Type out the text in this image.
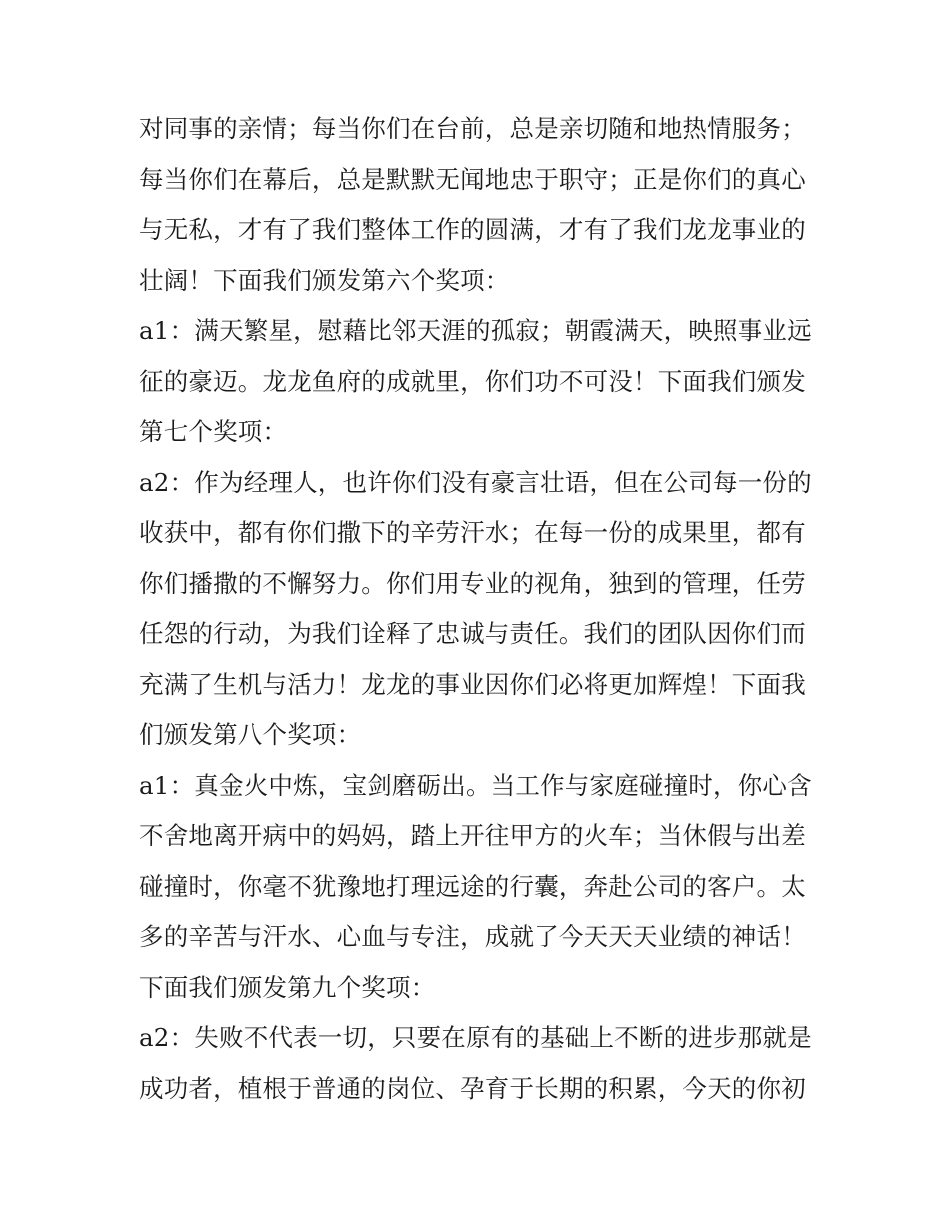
对同事的亲情；每当你们在台前，总是亲切随和地热情服务；
每当你们在幕后，总是默默无闻地忠于职守；正是你们的真心
与无私，才有了我们整体工作的圆满，才有了我们龙龙事业的
壮阔！下面我们颁发第六个奖项：
a1：满天繁星，慰藉比邻天涯的孤寂；朝霞满天，映照事业远
征的豪迈。龙龙鱼府的成就里，你们功不可没！下面我们颁发
第七个奖项：
a2：作为经理人，也许你们没有豪言壮语，但在公司每一份的
收获中，都有你们撒下的辛劳汗水；在每一份的成果里，都有
你们播撒的不懈努力。你们用专业的视角，独到的管理，任劳
任怨的行动，为我们诠释了忠诚与责任。我们的团队因你们而
充满了生机与活力！龙龙的事业因你们必将更加辉煌！下面我
们颁发第八个奖项：
a1：真金火中炼，宝剑磨砺出。当工作与家庭碰撞时，你心含
不舍地离开病中的妈妈，踏上开往甲方的火车；当休假与出差
碰撞时，你毫不犹豫地打理远途的行囊，奔赴公司的客户。太
多的辛苦与汗水、心血与专注，成就了今天天天业绩的神话！
下面我们颁发第九个奖项：
a2：失败不代表一切，只要在原有的基础上不断的进步那就是
成功者，植根于普通的岗位、孕育于长期的积累，今天的你初
